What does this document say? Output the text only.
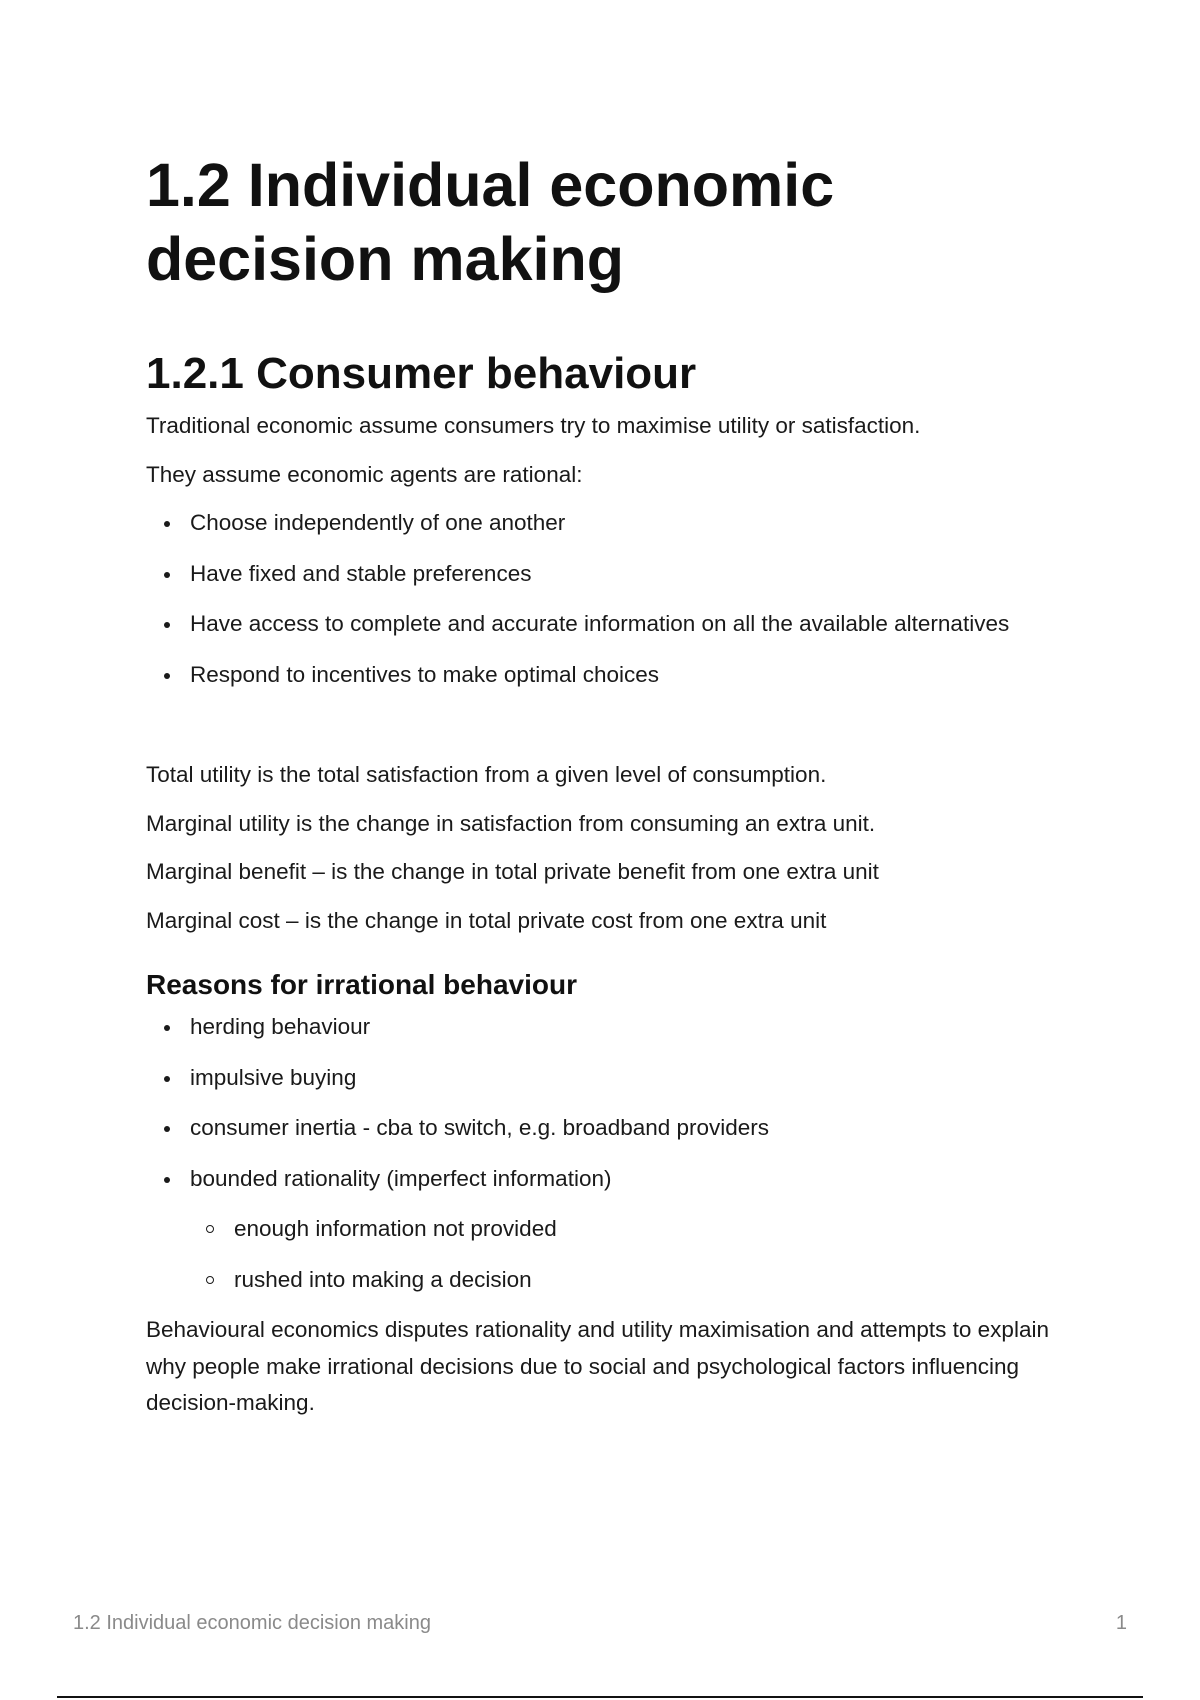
1.2 Individual economic decision making
1.2.1 Consumer behaviour

Traditional economic assume consumers try to maximise utility or satisfaction.

They assume economic agents are rational:

Choose independently of one another
Have fixed and stable preferences
Have access to complete and accurate information on all the available alternatives
Respond to incentives to make optimal choices

Total utility is the total satisfaction from a given level of consumption.

Marginal utility is the change in satisfaction from consuming an extra unit.

Marginal benefit – is the change in total private benefit from one extra unit

Marginal cost – is the change in total private cost from one extra unit

Reasons for irrational behaviour
herding behaviour
impulsive buying
consumer inertia - cba to switch, e.g. broadband providers
bounded rationality (imperfect information)
enough information not provided
rushed into making a decision

Behavioural economics disputes rationality and utility maximisation and attempts to explain why people make irrational decisions due to social and psychological factors influencing decision-making.

1.2 Individual economic decision making	1
